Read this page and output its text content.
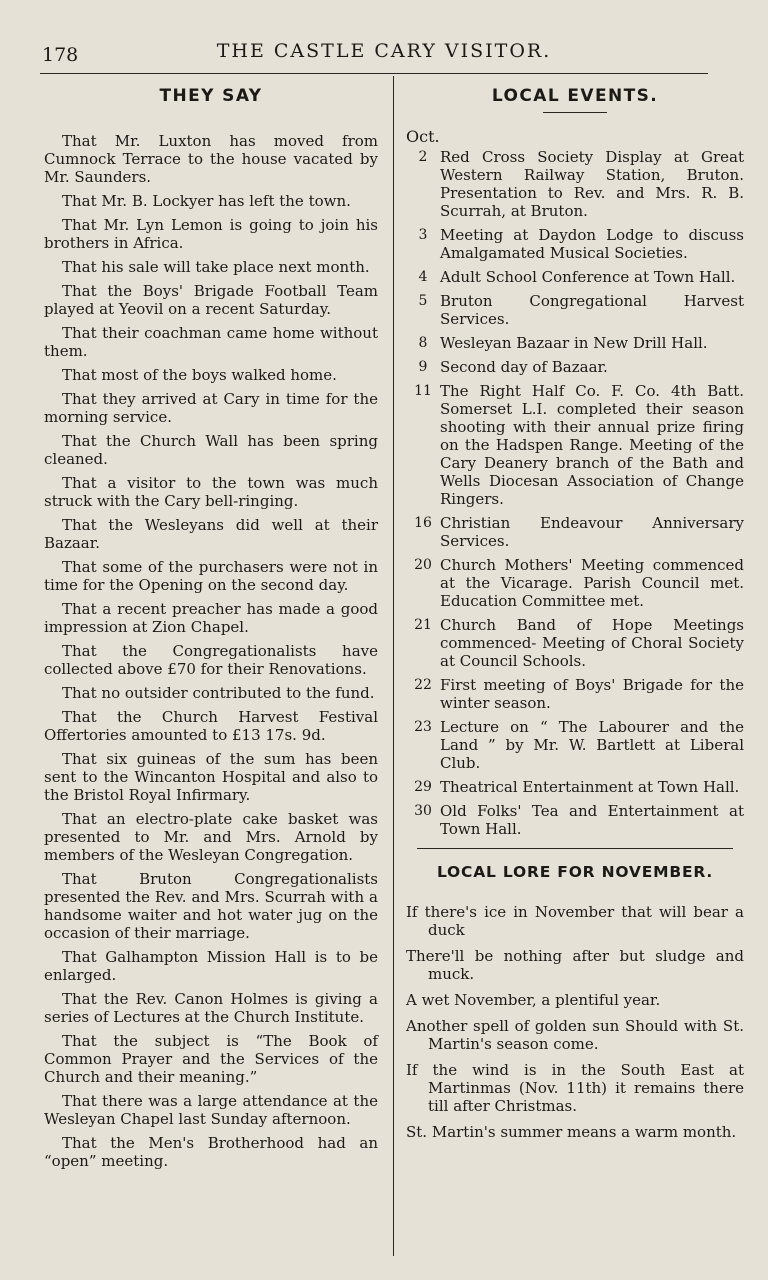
178	THE CASTLE CARY VISITOR.
THEY SAY

That Mr. Luxton has moved from Cumnock Terrace to the house vacated by Mr. Saunders.

That Mr. B. Lockyer has left the town.

That Mr. Lyn Lemon is going to join his brothers in Africa.

That his sale will take place next month.

That the Boys' Brigade Football Team played at Yeovil on a recent Saturday.

That their coachman came home without them.

That most of the boys walked home.

That they arrived at Cary in time for the morning service.

That the Church Wall has been spring cleaned.

That a visitor to the town was much struck with the Cary bell-ringing.

That the Wesleyans did well at their Bazaar.

That some of the purchasers were not in time for the Opening on the second day.

That a recent preacher has made a good impression at Zion Chapel.

That the Congregationalists have collected above £70 for their Renovations.

That no outsider contributed to the fund.

That the Church Harvest Festival Offertories amounted to £13 17s. 9d.

That six guineas of the sum has been sent to the Wincanton Hospital and also to the Bristol Royal Infirmary.

That an electro-plate cake basket was presented to Mr. and Mrs. Arnold by members of the Wesleyan Congregation.

That Bruton Congregationalists presented the Rev. and Mrs. Scurrah with a handsome waiter and hot water jug on the occasion of their marriage.

That Galhampton Mission Hall is to be enlarged.

That the Rev. Canon Holmes is giving a series of Lectures at the Church Institute.

That the subject is “The Book of Common Prayer and the Services of the Church and their meaning.”

That there was a large attendance at the Wesleyan Chapel last Sunday afternoon.

That the Men's Brotherhood had an “open” meeting.

LOCAL EVENTS.
Oct.
2 Red Cross Society Display at Great Western Railway Station, Bruton. Presentation to Rev. and Mrs. R. B. Scurrah, at Bruton.
3 Meeting at Daydon Lodge to discuss Amalgamated Musical Societies.
4 Adult School Conference at Town Hall.
5 Bruton Congregational Harvest Services.
8 Wesleyan Bazaar in New Drill Hall.
9 Second day of Bazaar.
11 The Right Half Co. F. Co. 4th Batt. Somerset L.I. completed their season shooting with their annual prize firing on the Hadspen Range. Meeting of the Cary Deanery branch of the Bath and Wells Diocesan Association of Change Ringers.
16 Christian Endeavour Anniversary Services.
20 Church Mothers' Meeting commenced at the Vicarage. Parish Council met. Education Committee met.
21 Church Band of Hope Meetings commenced- Meeting of Choral Society at Council Schools.
22 First meeting of Boys' Brigade for the winter season.
23 Lecture on “ The Labourer and the Land ” by Mr. W. Bartlett at Liberal Club.
29 Theatrical Entertainment at Town Hall.
30 Old Folks' Tea and Entertainment at Town Hall.
LOCAL LORE FOR NOVEMBER.

If there's ice in November that will bear a duck

There'll be nothing after but sludge and muck.

A wet November, a plentiful year.

Another spell of golden sun Should with St. Martin's season come.

If the wind is in the South East at Martinmas (Nov. 11th) it remains there till after Christmas.

St. Martin's summer means a warm month.
